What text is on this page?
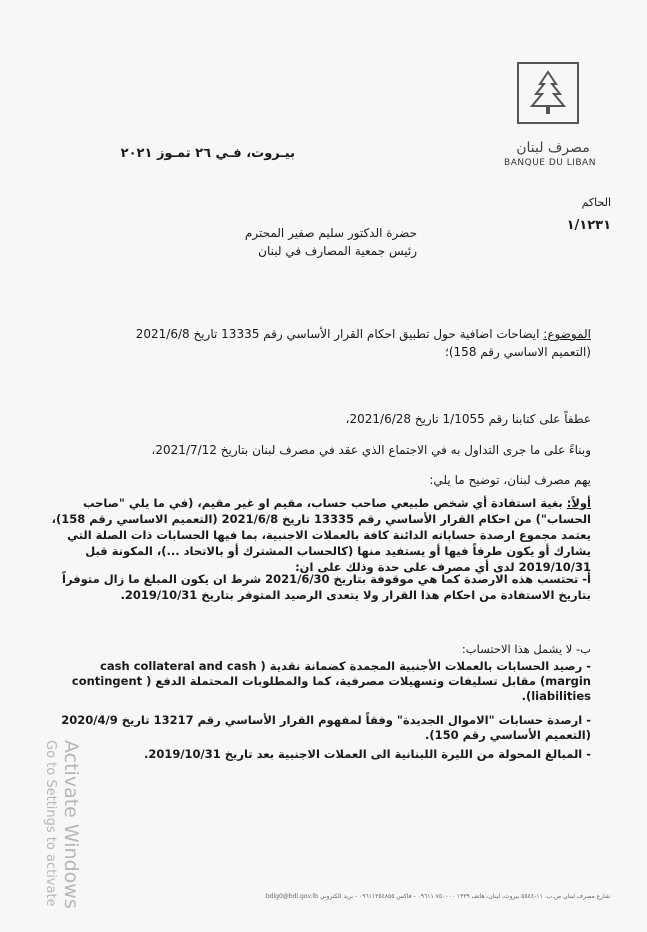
مصرف لبنان
BANQUE DU LIBAN
بيـروت، فـي ٢٦ تمـوز ٢٠٢١
الحاكم
١/١٢٣١
حضرة الدكتور سليم صفير المحترم
رئيس جمعية المصارف في لبنان
الموضوع: ايضاحات اضافية حول تطبيق احكام القرار الأساسي رقم 13335 تاريخ 2021/6/8
(التعميم الاساسي رقم 158)؛
عطفاً على كتابنا رقم 1/1055 تاريخ 2021/6/28،
وبناءً على ما جرى التداول به في الاجتماع الذي عقد في مصرف لبنان بتاريخ 2021/7/12،
يهم مصرف لبنان، توضيح ما يلي:
أولاً: بغية استفادة أي شخص طبيعي صاحب حساب، مقيم او غير مقيم، (في ما يلي "صاحب الحساب") من احكام القرار الأساسي رقم 13335 تاريخ 2021/6/8 (التعميم الاساسي رقم 158)، يعتمد مجموع ارصدة حساباته الدائنة كافة بالعملات الاجنبية، بما فيها الحسابات ذات الصلة التي يشارك أو يكون طرفاً فيها أو يستفيد منها (كالحساب المشترك أو بالاتحاد ...)، المكونة قبل 2019/10/31 لدى أي مصرف على حدة وذلك على ان:
أ- تحتسب هذه الارصدة كما هي موقوفة بتاريخ 2021/6/30 شرط ان يكون المبلغ ما زال متوفراً بتاريخ الاستفادة من احكام هذا القرار ولا يتعدى الرصيد المتوفر بتاريخ 2019/10/31.
ب- لا يشمل هذا الاحتساب:
-رصيد الحسابات بالعملات الأجنبية المجمدة كضمانة نقدية ( cash collateral and cash margin) مقابل تسليفات وتسهيلات مصرفية، كما والمطلوبات المحتملة الدفع ( contingent liabilities).
-ارصدة حسابات "الاموال الجديدة" وفقاً لمفهوم القرار الأساسي رقم 13217 تاريخ 2020/4/9 (التعميم الأساسي رقم 150).
-المبالغ المحولة من الليرة اللبنانية الى العملات الاجنبية بعد تاريخ 2019/10/31.
شارع مصرف لبنان ص.ب. ١١-٥٥٤٤ بيروت، لبنان، هاتف ١٣٣٩ ٧٥٠٠٠٠ ٠٩٦١١ - فاكس ٠٩٦١١٣٥٤٨٥٥ - بريد الكتروني bdlg0@bdl.gov.lb
Activate Windows
Go to Settings to activate
